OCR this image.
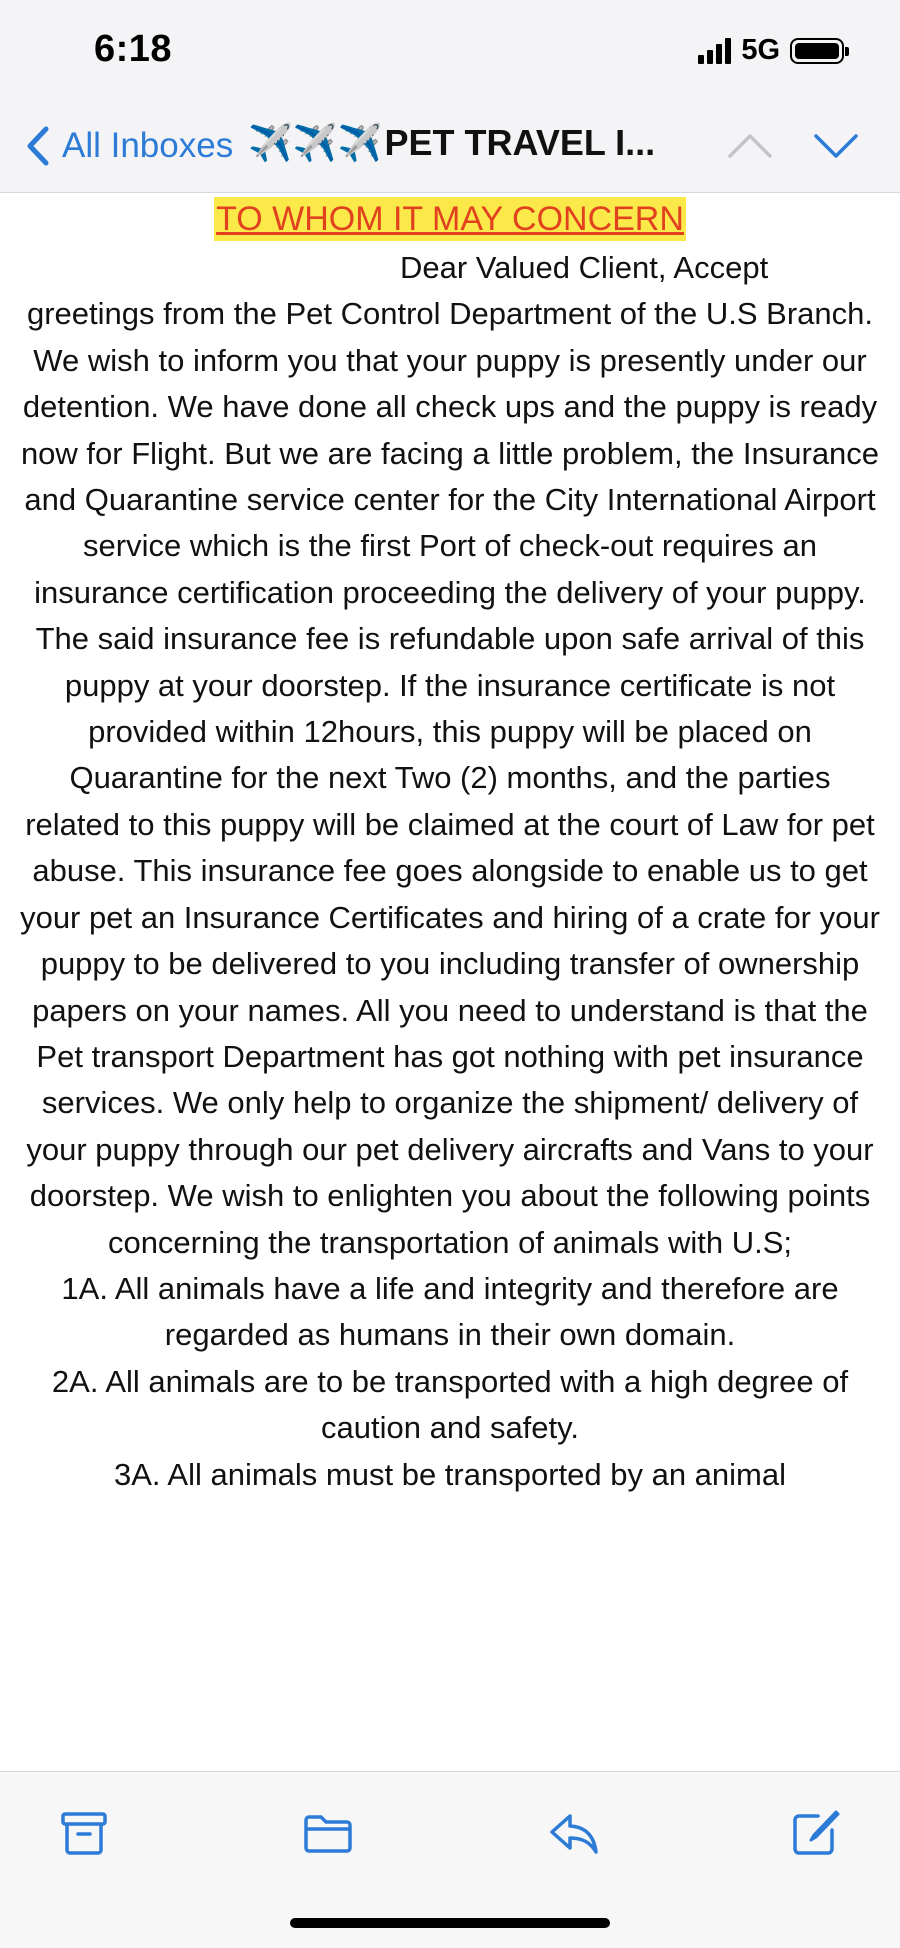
6:18	5G
All Inboxes ✈️✈️✈️PET TRAVEL I...
TO WHOM IT MAY CONCERN
Dear Valued Client, Accept
greetings from the Pet Control Department of the U.S Branch. We wish to inform you that your puppy is presently under our detention. We have done all check ups and the puppy is ready now for Flight. But we are facing a little problem, the Insurance and Quarantine service center for the City International Airport service which is the first Port of check-out requires an insurance certification proceeding the delivery of your puppy. The said insurance fee is refundable upon safe arrival of this puppy at your doorstep. If the insurance certificate is not provided within 12hours, this puppy will be placed on Quarantine for the next Two (2) months, and the parties related to this puppy will be claimed at the court of Law for pet abuse. This insurance fee goes alongside to enable us to get your pet an Insurance Certificates and hiring of a crate for your puppy to be delivered to you including transfer of ownership papers on your names. All you need to understand is that the Pet transport Department has got nothing with pet insurance services. We only help to organize the shipment/ delivery of your puppy through our pet delivery aircrafts and Vans to your doorstep. We wish to enlighten you about the following points concerning the transportation of animals with U.S;
1A. All animals have a life and integrity and therefore are regarded as humans in their own domain.
2A. All animals are to be transported with a high degree of caution and safety.
3A. All animals must be transported by an animal
